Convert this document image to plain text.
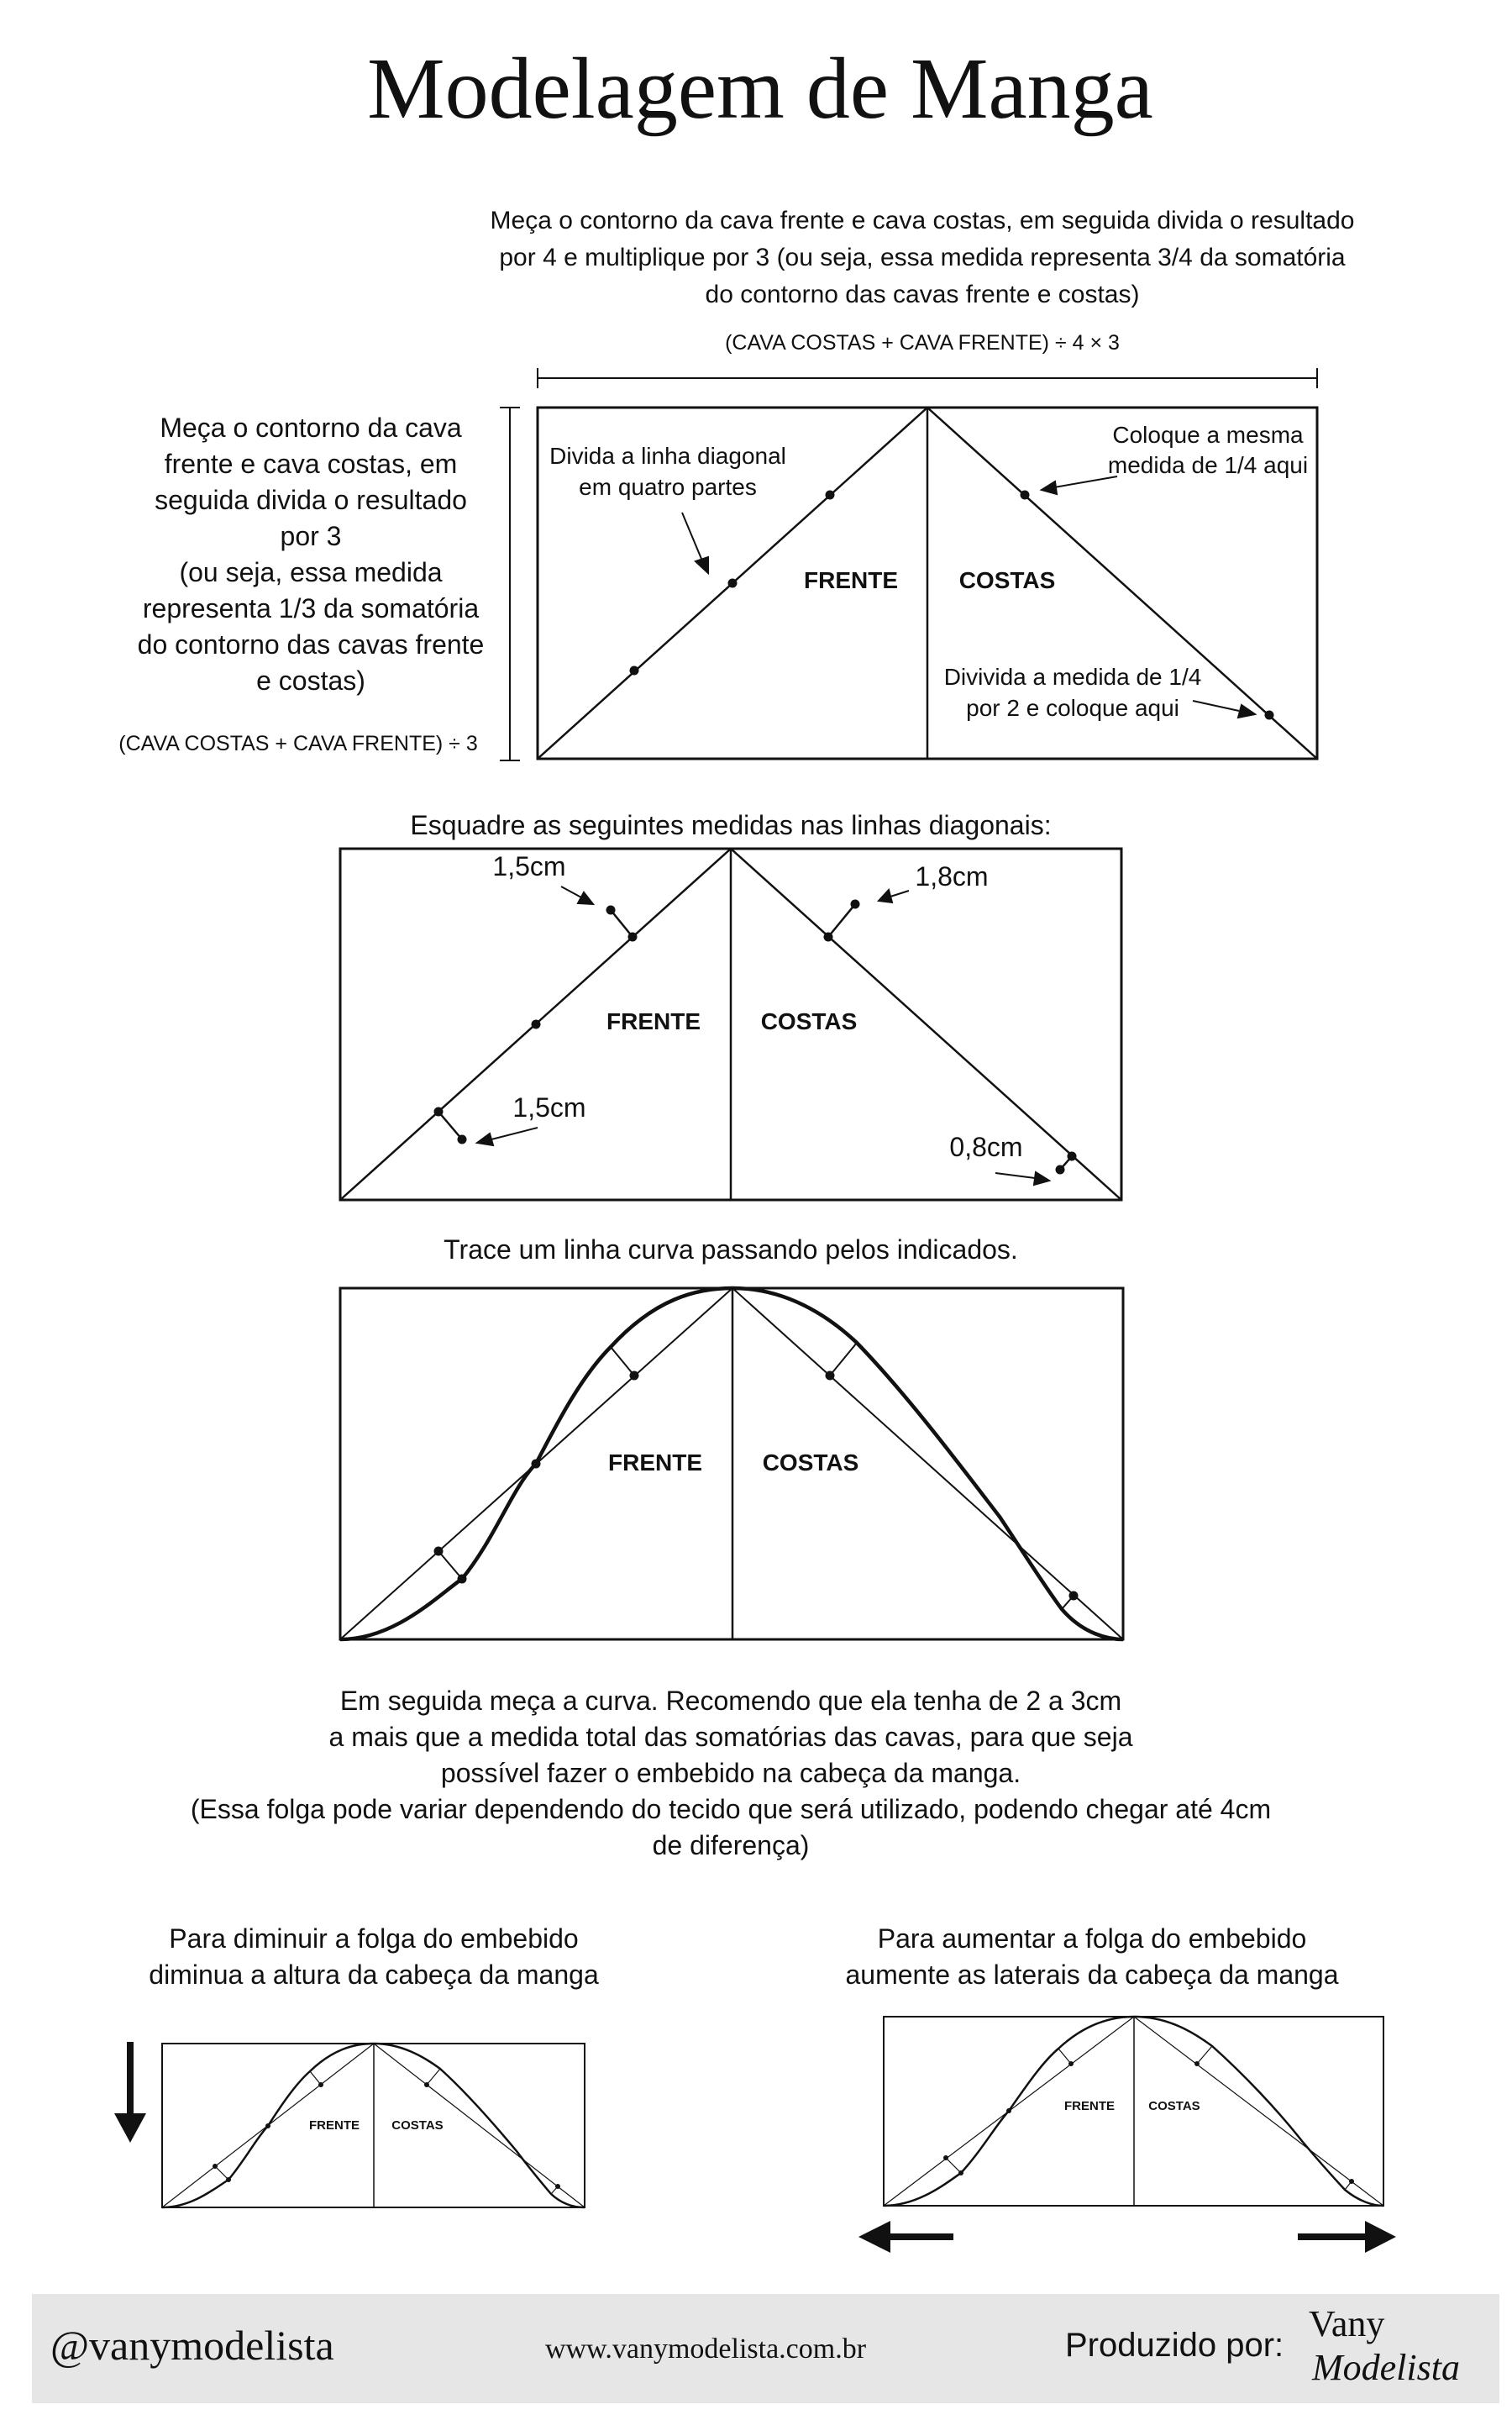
Modelagem de Manga
Meça o contorno da cava frente e cava costas, em seguida divida o resultado
por 4 e multiplique por 3 (ou seja, essa medida representa 3/4 da somatória
do contorno das cavas frente e costas)
(CAVA COSTAS + CAVA FRENTE) ÷ 4 × 3
Meça o contorno da cava
frente e cava costas, em
seguida divida o resultado
por 3
(ou seja, essa medida
representa 1/3 da somatória
do contorno das cavas frente
e costas)
(CAVA COSTAS + CAVA FRENTE) ÷ 3
Divida a linha diagonal
em quatro partes
Coloque a mesma
medida de 1/4 aqui
Divivida a medida de 1/4
por 2 e coloque aqui
FRENTE	COSTAS
Esquadre as seguintes medidas nas linhas diagonais:
1,5cm	1,8cm
1,5cm
0,8cm
FRENTE	COSTAS
Trace um linha curva passando pelos indicados.
FRENTE	COSTAS
Em seguida meça a curva. Recomendo que ela tenha de 2 a 3cm
a mais que a medida total das somatórias das cavas, para que seja
possível fazer o embebido na cabeça da manga.
(Essa folga pode variar dependendo do tecido que será utilizado, podendo chegar até 4cm
de diferença)
Para diminuir a folga do embebido
diminua a altura da cabeça da manga
FRENTE	COSTAS
Para aumentar a folga do embebido
aumente as laterais da cabeça da manga
FRENTE	COSTAS
@vanymodelista	www.vanymodelista.com.br	Produzido por:
Vany
Modelista
